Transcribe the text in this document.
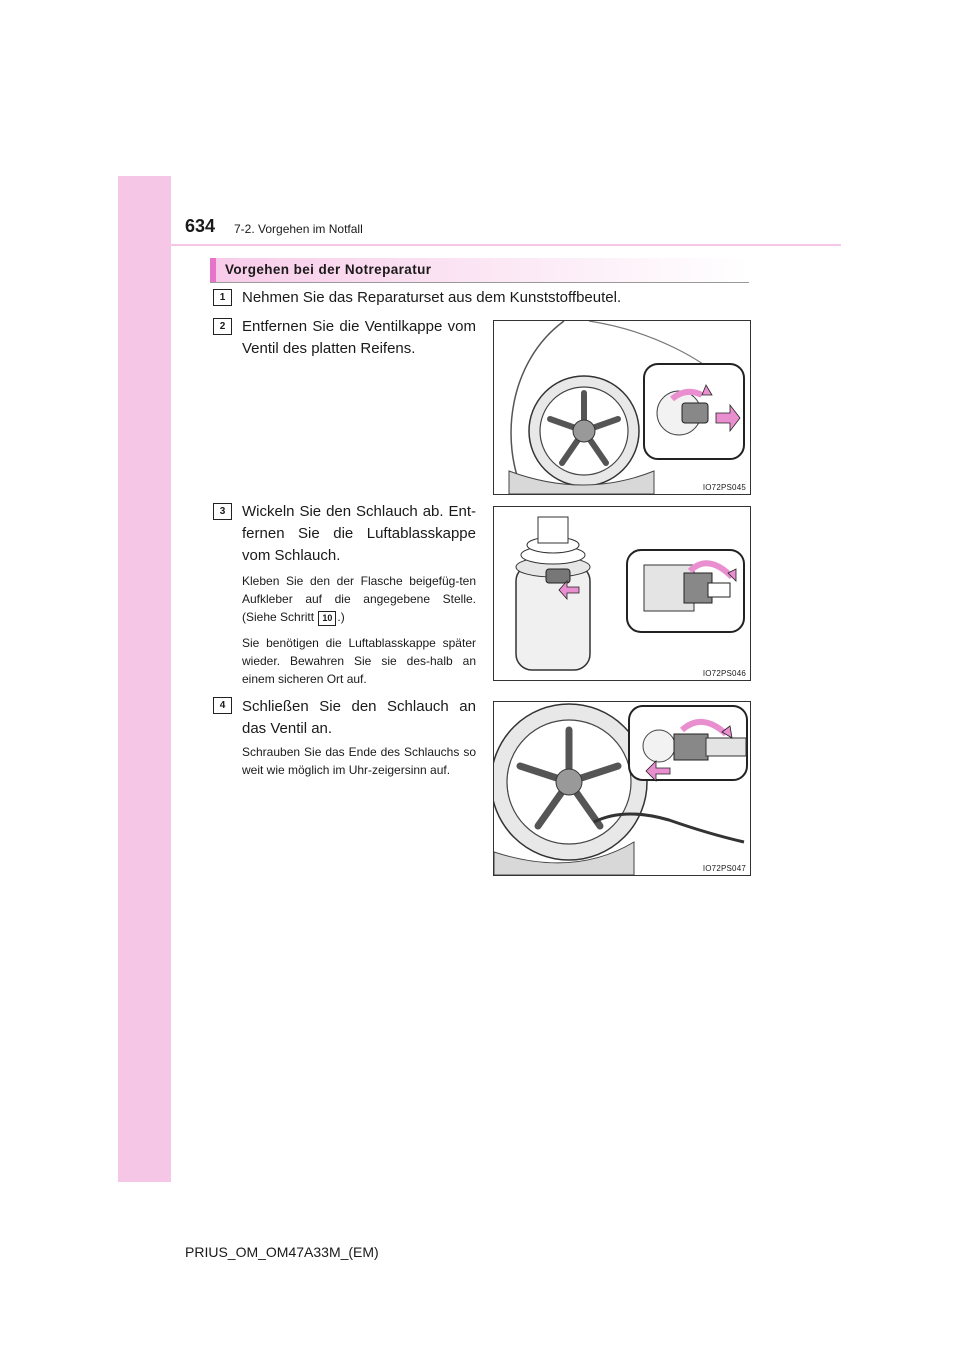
634 7-2. Vorgehen im Notfall
Vorgehen bei der Notreparatur
1	Nehmen Sie das Reparaturset aus dem Kunststoffbeutel.
2	Entfernen Sie die Ventilkappe vom Ventil des platten Reifens.
IO72PS045
3	Wickeln Sie den Schlauch ab. Ent-fernen Sie die Luftablasskappe vom Schlauch.
Kleben Sie den der Flasche beigefüg-ten Aufkleber auf die angegebene Stelle. (Siehe Schritt 10 .)
Sie benötigen die Luftablasskappe später wieder. Bewahren Sie sie des-halb an einem sicheren Ort auf.	IO72PS046
4	Schließen Sie den Schlauch an das Ventil an.
Schrauben Sie das Ende des Schlauchs so weit wie möglich im Uhr-zeigersinn auf.
IO72PS047
PRIUS_OM_OM47A33M_(EM)
